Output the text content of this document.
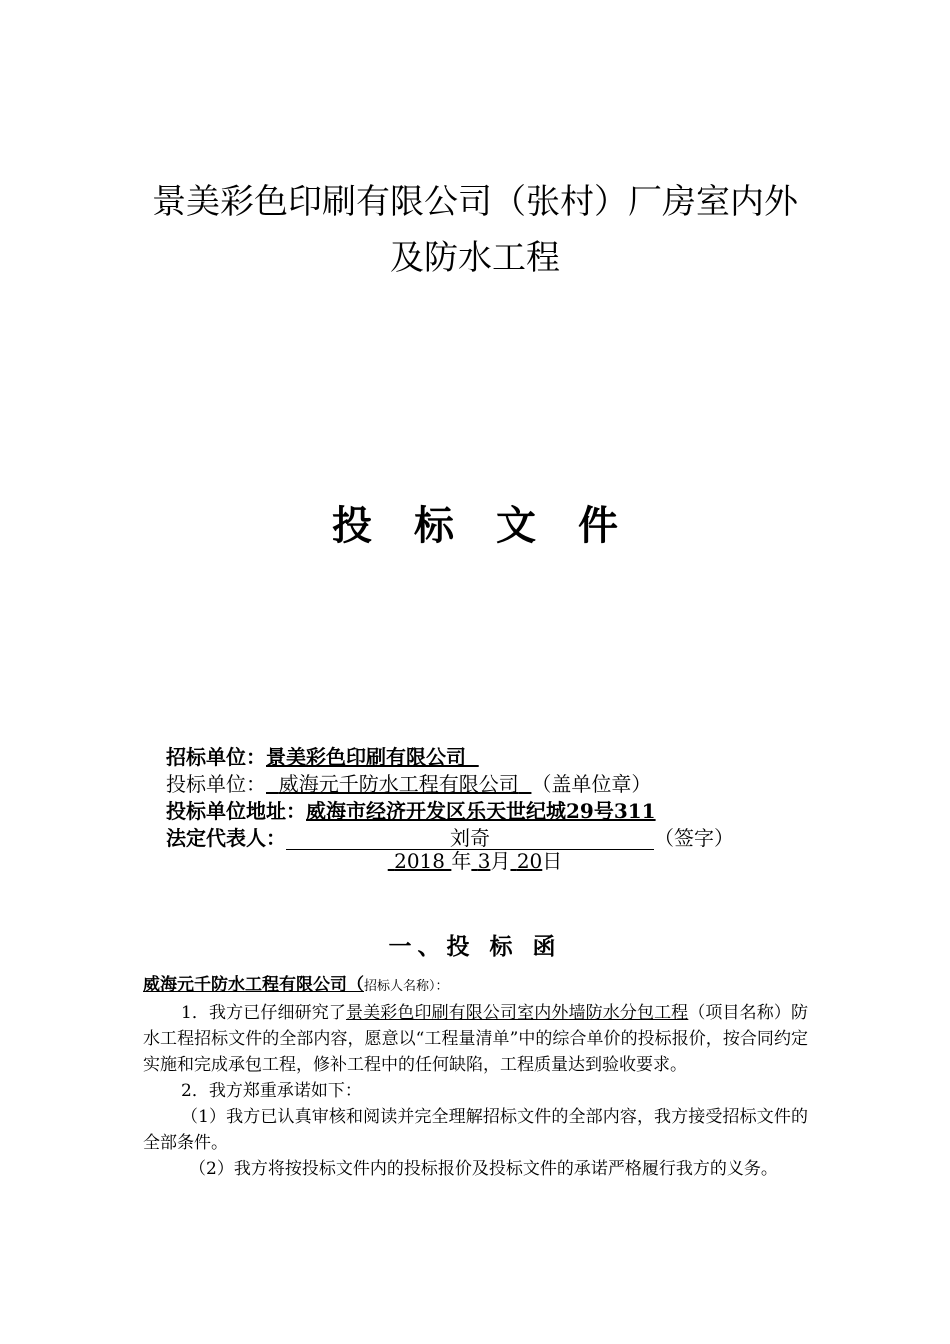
景美彩色印刷有限公司（张村）厂房室内外
及防水工程
投标文件
招标单位：景美彩色印刷有限公司
投标单位： 威海元千防水工程有限公司 （盖单位章）
投标单位地址：威海市经济开发区乐天世纪城29号311
法定代表人：	刘奇	（签字）
2018 年 3月 20日
一、投 标 函

威海元千防水工程有限公司（招标人名称）：

1．我方已仔细研究了景美彩色印刷有限公司室内外墙防水分包工程（项目名称）防水工程招标文件的全部内容，愿意以“工程量清单”中的综合单价的投标报价，按合同约定实施和完成承包工程，修补工程中的任何缺陷，工程质量达到验收要求。

2．我方郑重承诺如下：

（1）我方已认真审核和阅读并完全理解招标文件的全部内容，我方接受招标文件的全部条件。

（2）我方将按投标文件内的投标报价及投标文件的承诺严格履行我方的义务。
